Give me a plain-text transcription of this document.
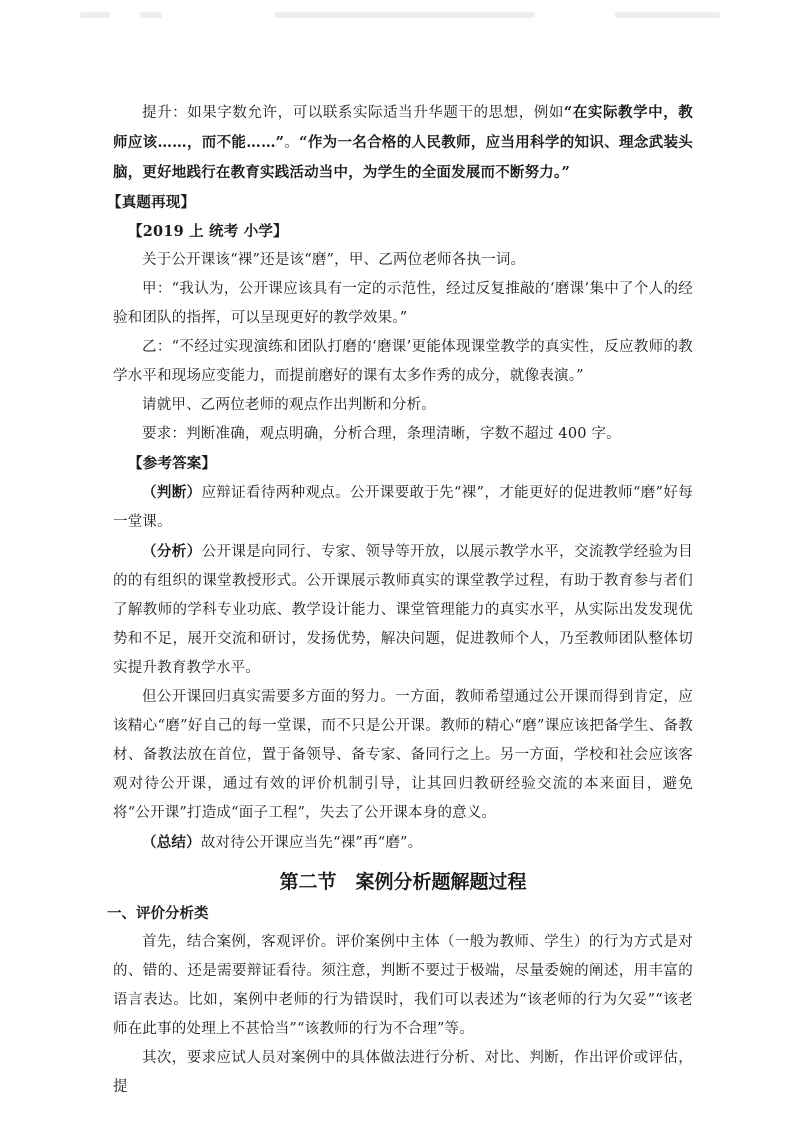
提升：如果字数允许，可以联系实际适当升华题干的思想，例如“在实际教学中，教师应该……，而不能……”。“作为一名合格的人民教师，应当用科学的知识、理念武装头脑，更好地践行在教育实践活动当中，为学生的全面发展而不断努力。”

【真题再现】

【2019 上 统考 小学】

关于公开课该“裸”还是该“磨”，甲、乙两位老师各执一词。

甲：“我认为，公开课应该具有一定的示范性，经过反复推敲的‘磨课’集中了个人的经验和团队的指挥，可以呈现更好的教学效果。”

乙：“不经过实现演练和团队打磨的‘磨课’更能体现课堂教学的真实性，反应教师的教学水平和现场应变能力，而提前磨好的课有太多作秀的成分，就像表演。”

请就甲、乙两位老师的观点作出判断和分析。

要求：判断准确，观点明确，分析合理，条理清晰，字数不超过 400 字。

【参考答案】

（判断）应辩证看待两种观点。公开课要敢于先“裸”，才能更好的促进教师“磨”好每一堂课。

（分析）公开课是向同行、专家、领导等开放，以展示教学水平，交流教学经验为目的的有组织的课堂教授形式。公开课展示教师真实的课堂教学过程，有助于教育参与者们了解教师的学科专业功底、教学设计能力、课堂管理能力的真实水平，从实际出发发现优势和不足，展开交流和研讨，发扬优势，解决问题，促进教师个人，乃至教师团队整体切实提升教育教学水平。

但公开课回归真实需要多方面的努力。一方面，教师希望通过公开课而得到肯定，应该精心“磨”好自己的每一堂课，而不只是公开课。教师的精心“磨”课应该把备学生、备教材、备教法放在首位，置于备领导、备专家、备同行之上。另一方面，学校和社会应该客观对待公开课，通过有效的评价机制引导，让其回归教研经验交流的本来面目，避免将“公开课”打造成“面子工程”，失去了公开课本身的意义。

（总结）故对待公开课应当先“裸”再“磨”。

第二节　案例分析题解题过程
一、评价分析类

首先，结合案例，客观评价。评价案例中主体（一般为教师、学生）的行为方式是对的、错的、还是需要辩证看待。须注意，判断不要过于极端，尽量委婉的阐述，用丰富的语言表达。比如，案例中老师的行为错误时，我们可以表述为“该老师的行为欠妥”“该老师在此事的处理上不甚恰当”“该教师的行为不合理”等。

其次，要求应试人员对案例中的具体做法进行分析、对比、判断，作出评价或评估，提
